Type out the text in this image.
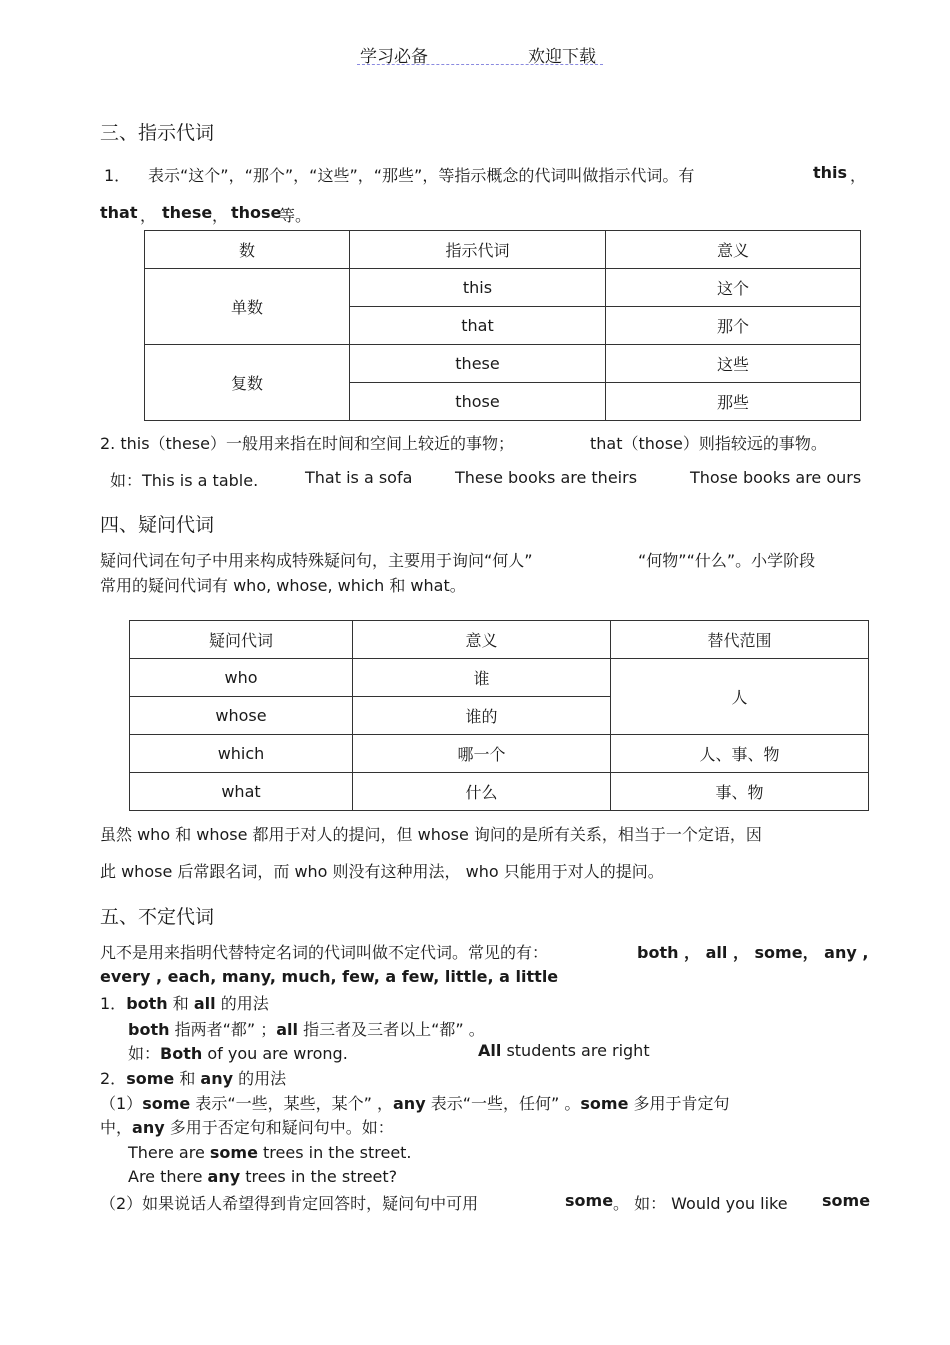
学习必备	欢迎下载
三、指示代词
1． 表示“这个”，“那个”，“这些”，“那些”，等指示概念的代词叫做指示代词。有	this ，
that ， these ， those
等。
数	指示代词	意义
单数	this	这个
	that	那个
复数	these	这些
	those	那些
2. this（these）一般用来指在时间和空间上较近的事物；	that（those）则指较远的事物。
如：This is a table.	That is a sofa	These books are theirs	Those books are ours
四、疑问代词
疑问代词在句子中用来构成特殊疑问句，主要用于询问“何人”	“何物”“什么”。小学阶段
常用的疑问代词有 who, whose, which 和 what。
疑问代词	意义	替代范围
who	谁	人
whose	谁的	
which	哪一个	人、事、物
what	什么	事、物
虽然 who 和 whose 都用于对人的提问，但 whose 询问的是所有关系，相当于一个定语，因
此 whose 后常跟名词，而 who 则没有这种用法， who 只能用于对人的提问。
五、不定代词
凡不是用来指明代替特定名词的代词叫做不定代词。常见的有：	both ， all ， some， any ,
every , each, many, much, few, a few, little, a little
1．both 和 all 的用法
both 指两者“都” ；all 指三者及三者以上“都” 。
如：Both of you are wrong.	All students are right
2．some 和 any 的用法
（1）some 表示“一些，某些，某个” ，any 表示“一些，任何” 。some 多用于肯定句
中，any 多用于否定句和疑问句中。如：
There are some trees in the street.
Are there any trees in the street?
（2）如果说话人希望得到肯定回答时，疑问句中可用	some 。 如： Would you like some
